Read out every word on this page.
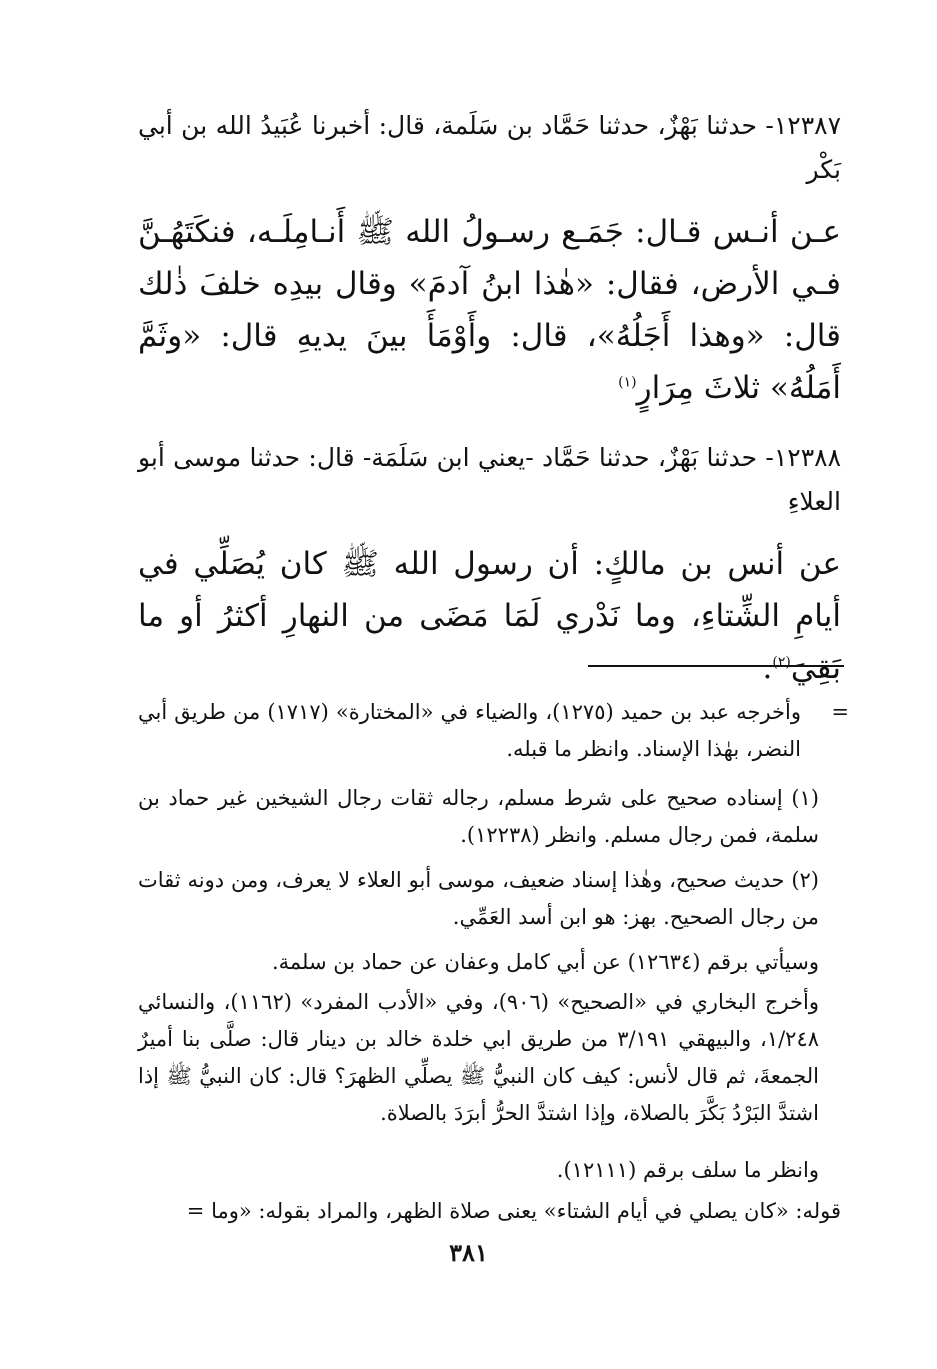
١٢٣٨٧- حدثنا بَهْزٌ، حدثنا حَمَّاد بن سَلَمة، قال: أخبرنا عُبَيدُ الله بن أبي بَكْر
عـن أنـس قـال: جَمَـع رسـولُ الله ﷺ أَنـامِلَـه، فنكَتَهُـنَّ فـي الأرض، فقال: «هٰذا ابنُ آدمَ» وقال بيدِه خلفَ ذٰلك قال: «وهذا أَجَلُهُ»، قال: وأَوْمَأَ بينَ يديهِ قال: «وثَمَّ أَمَلُهُ» ثلاثَ مِرَارٍ$^{(١)}$
١٢٣٨٨- حدثنا بَهْزٌ، حدثنا حَمَّاد -يعني ابن سَلَمَة- قال: حدثنا موسى أبو العلاءِ
عن أنس بن مالكٍ: أن رسول الله ﷺ كان يُصَلِّي في أيامِ الشِّتاءِ، وما نَدْري لَمَا مَضَى من النهارِ أكثرُ أو ما بَقِيَ$^{(٢)}$.
=
وأخرجه عبد بن حميد (١٢٧٥)، والضياء في «المختارة» (١٧١٧) من طريق أبي النضر، بهٰذا الإسناد. وانظر ما قبله.
(١) إسناده صحيح على شرط مسلم، رجاله ثقات رجال الشيخين غير حماد بن سلمة، فمن رجال مسلم. وانظر (١٢٢٣٨).
(٢) حديث صحيح، وهٰذا إسناد ضعيف، موسى أبو العلاء لا يعرف، ومن دونه ثقات من رجال الصحيح. بهز: هو ابن أسد العَمِّي.
وسيأتي برقم (١٢٦٣٤) عن أبي كامل وعفان عن حماد بن سلمة.
وأخرج البخاري في «الصحيح» (٩٠٦)، وفي «الأدب المفرد» (١١٦٢)، والنسائي ١/٢٤٨، والبيهقي ٣/١٩١ من طريق ابي خلدة خالد بن دينار قال: صلَّى بنا أميرٌ الجمعةَ، ثم قال لأنس: كيف كان النبيُّ ﷺ يصلِّي الظهرَ؟ قال: كان النبيُّ ﷺ إذا اشتدَّ البَرْدُ بَكَّرَ بالصلاة، وإذا اشتدَّ الحرُّ أبرَدَ بالصلاة.
وانظر ما سلف برقم (١٢١١١).
قوله: «كان يصلي في أيام الشتاء» يعنى صلاة الظهر، والمراد بقوله: «وما =
٣٨١
